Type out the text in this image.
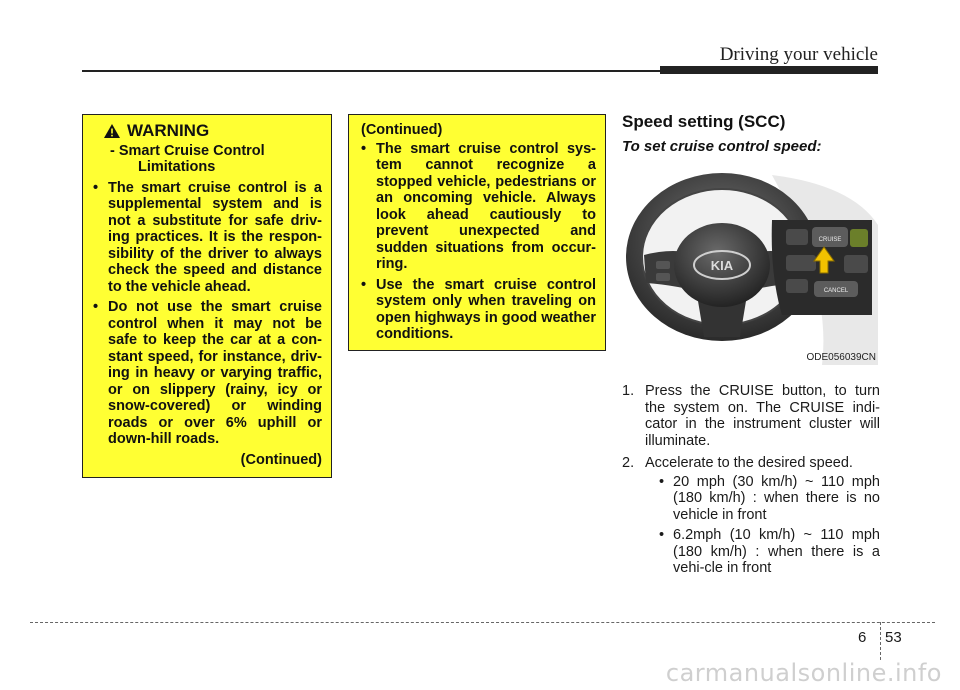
Driving your vehicle
WARNING
- Smart Cruise Control
Limitations
• The smart cruise control is a supplemental system and is not a substitute for safe driv-ing practices. It is the respon-sibility of the driver to always check the speed and distance to the vehicle ahead.
• Do not use the smart cruise control when it may not be safe to keep the car at a con-stant speed, for instance, driv-ing in heavy or varying traffic, or on slippery (rainy, icy or snow-covered) or winding roads or over 6% uphill or down-hill roads.
(Continued)
(Continued)
• The smart cruise control sys-tem cannot recognize a stopped vehicle, pedestrians or an oncoming vehicle. Always look ahead cautiously to prevent unexpected and sudden situations from occur-ring.
• Use the smart cruise control system only when traveling on open highways in good weather conditions.
Speed setting (SCC)
To set cruise control speed:
KIA
CRUISE
CANCEL
ODE056039CN
1. Press the CRUISE button, to turn the system on. The CRUISE indi-cator in the instrument cluster will illuminate.
2. Accelerate to the desired speed.
• 20 mph (30 km/h) ~ 110 mph (180 km/h) : when there is no vehicle in front
• 6.2mph (10 km/h) ~ 110 mph (180 km/h) : when there is a vehi-cle in front
6 53
carmanualsonline.info
